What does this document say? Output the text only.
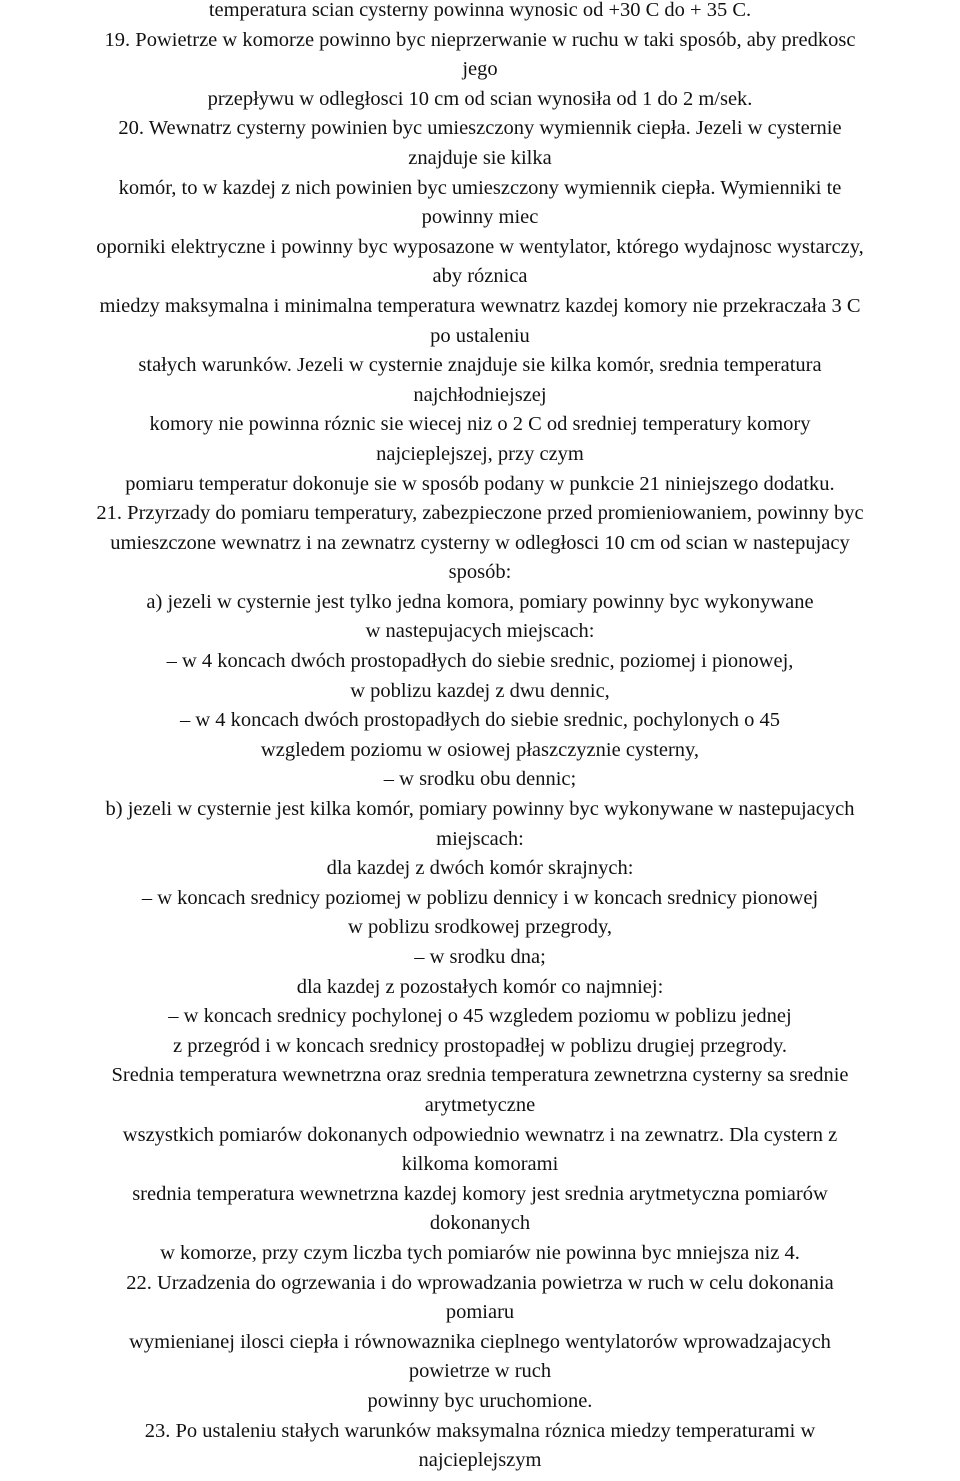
temperatura scian cysterny powinna wynosic od +30 C do + 35 C.

19. Powietrze w komorze powinno byc nieprzerwanie w ruchu w taki sposób, aby predkosc

jego

przepływu w odległosci 10 cm od scian wynosiła od 1 do 2 m/sek.

20. Wewnatrz cysterny powinien byc umieszczony wymiennik ciepła. Jezeli w cysternie

znajduje sie kilka

komór, to w kazdej z nich powinien byc umieszczony wymiennik ciepła. Wymienniki te

powinny miec

oporniki elektryczne i powinny byc wyposazone w wentylator, którego wydajnosc wystarczy,

aby róznica

miedzy maksymalna i minimalna temperatura wewnatrz kazdej komory nie przekraczała 3 C

po ustaleniu

stałych warunków. Jezeli w cysternie znajduje sie kilka komór, srednia temperatura

najchłodniejszej

komory nie powinna róznic sie wiecej niz o 2 C od sredniej temperatury komory

najcieplejszej, przy czym

pomiaru temperatur dokonuje sie w sposób podany w punkcie 21 niniejszego dodatku.

21. Przyrzady do pomiaru temperatury, zabezpieczone przed promieniowaniem, powinny byc

umieszczone wewnatrz i na zewnatrz cysterny w odległosci 10 cm od scian w nastepujacy

sposób:

a) jezeli w cysternie jest tylko jedna komora, pomiary powinny byc wykonywane

w nastepujacych miejscach:

– w 4 koncach dwóch prostopadłych do siebie srednic, poziomej i pionowej,

w poblizu kazdej z dwu dennic,

– w 4 koncach dwóch prostopadłych do siebie srednic, pochylonych o 45

wzgledem poziomu w osiowej płaszczyznie cysterny,

– w srodku obu dennic;

b) jezeli w cysternie jest kilka komór, pomiary powinny byc wykonywane w nastepujacych

miejscach:

dla kazdej z dwóch komór skrajnych:

– w koncach srednicy poziomej w poblizu dennicy i w koncach srednicy pionowej

w poblizu srodkowej przegrody,

– w srodku dna;

dla kazdej z pozostałych komór co najmniej:

– w koncach srednicy pochylonej o 45 wzgledem poziomu w poblizu jednej

z przegród i w koncach srednicy prostopadłej w poblizu drugiej przegrody.

Srednia temperatura wewnetrzna oraz srednia temperatura zewnetrzna cysterny sa srednie

arytmetyczne

wszystkich pomiarów dokonanych odpowiednio wewnatrz i na zewnatrz. Dla cystern z

kilkoma komorami

srednia temperatura wewnetrzna kazdej komory jest srednia arytmetyczna pomiarów

dokonanych

w komorze, przy czym liczba tych pomiarów nie powinna byc mniejsza niz 4.

22. Urzadzenia do ogrzewania i do wprowadzania powietrza w ruch w celu dokonania

pomiaru

wymienianej ilosci ciepła i równowaznika cieplnego wentylatorów wprowadzajacych

powietrze w ruch

powinny byc uruchomione.

23. Po ustaleniu stałych warunków maksymalna róznica miedzy temperaturami w

najcieplejszym
